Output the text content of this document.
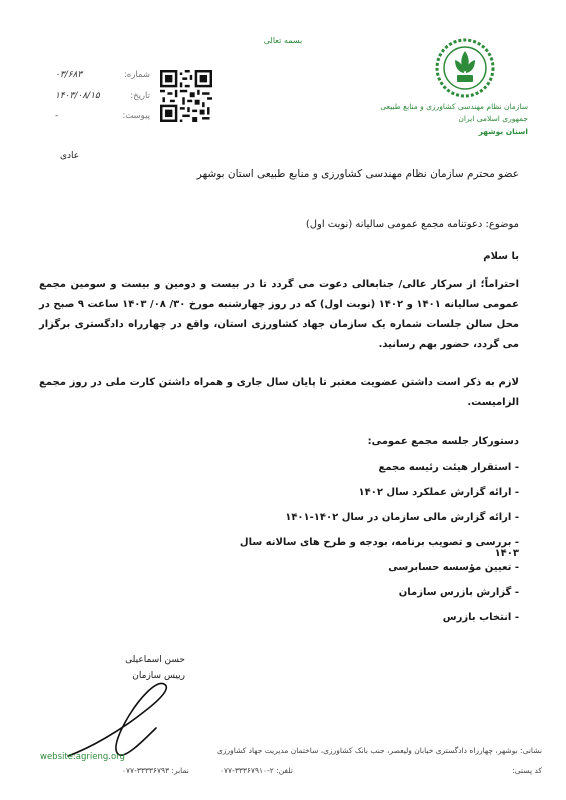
بسمه تعالی
۰۳/۶۸۳	شماره:
۱۴۰۳/۰۸/۱۵	تاریخ:
-	پیوست:
سازمان نظام مهندسی کشاورزی و منابع طبیعی
جمهوری اسلامی ایران
استان بوشهر
عادی
عضو محترم سازمان نظام مهندسی کشاورزی و منابع طبیعی استان بوشهر
موضوع: دعوتنامه مجمع عمومی سالیانه (نوبت اول)
با سلام
احتراماً؛ از سرکار عالی/ جنابعالی دعوت می گردد تا در بیست و دومین و بیست و سومین مجمع عمومی سالیانه ۱۴۰۱ و ۱۴۰۲ (نوبت اول) که در روز چهارشنبه مورخ ۳۰/ ۰۸/ ۱۴۰۳ ساعت ۹ صبح در محل سالن جلسات شماره یک سازمان جهاد کشاورزی استان، واقع در چهارراه دادگستری برگزار می گردد، حضور بهم رسانید.
لازم به ذکر است داشتن عضویت معتبر تا پایان سال جاری و همراه داشتن کارت ملی در روز مجمع الزامیست.
دستورکار جلسه مجمع عمومی:
- استقرار هیئت رئیسه مجمع
- ارائه گزارش عملکرد سال ۱۴۰۲
- ارائه گزارش مالی سازمان در سال ۱۴۰۲-۱۴۰۱
- بررسی و تصویب برنامه، بودجه و طرح های سالانه سال ۱۴۰۳
- تعیین مؤسسه حسابرسی
- گزارش بازرس سازمان
- انتخاب بازرس
حسن اسماعیلی
رییس سازمان
website:agrieng.org
نشانی: بوشهر، چهارراه دادگستری خیابان ولیعصر، جنب بانک کشاورزی، ساختمان مدیریت جهاد کشاورزی
کد پستی:
تلفن: ۲-۳۳۳۶۷۹۱۰-۰۷۷
نمابر: ۳۳۳۳۶۷۹۳-۰۷۷
